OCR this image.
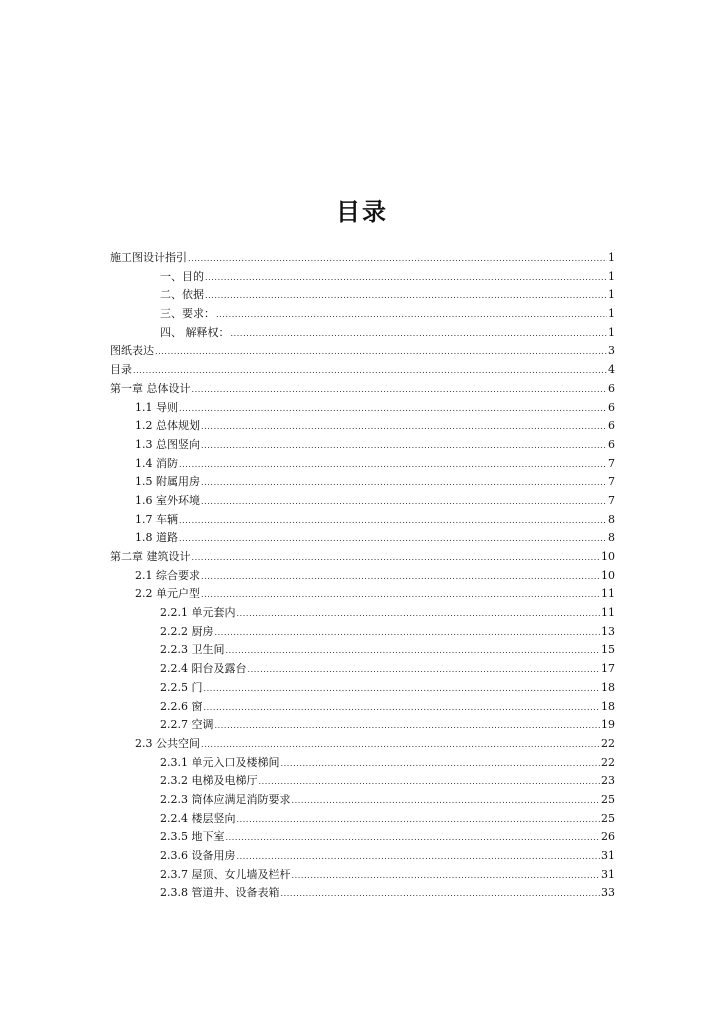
目录
施工图设计指引 .....	1
一、目的 .....	1
二、依据 .....	1
三、要求： .....	1
四、 解释权： .....	1
图纸表达 .....	3
目录 .....	4
第一章 总体设计 .....	6
1.1 导则 .....	6
1.2 总体规划 .....	6
1.3 总图竖向 .....	6
1.4 消防 .....	7
1.5 附属用房 .....	7
1.6 室外环境 .....	7
1.7 车辆 .....	8
1.8 道路 .....	8
第二章 建筑设计 .....	10
2.1 综合要求 .....	10
2.2 单元户型 .....	11
2.2.1 单元套内 .....	11
2.2.2 厨房 .....	13
2.2.3 卫生间 .....	15
2.2.4 阳台及露台 .....	17
2.2.5 门 .....	18
2.2.6 窗 .....	18
2.2.7 空调 .....	19
2.3 公共空间 .....	22
2.3.1 单元入口及楼梯间 .....	22
2.3.2 电梯及电梯厅 .....	23
2.2.3 筒体应满足消防要求 .....	25
2.2.4 楼层竖向 .....	25
2.3.5 地下室 .....	26
2.3.6 设备用房 .....	31
2.3.7 屋顶、女儿墙及栏杆 .....	31
2.3.8 管道井、设备表箱 .....	33
